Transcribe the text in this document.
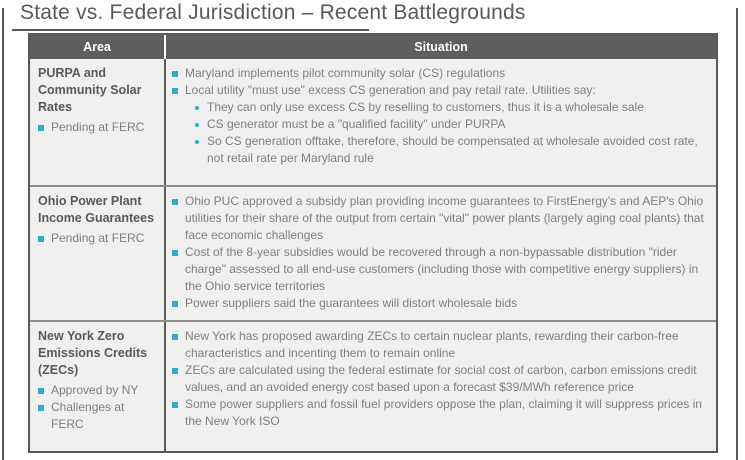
State vs. Federal Jurisdiction – Recent Battlegrounds
Area	Situation
PURPA and Community Solar Rates
Pending at FERC
Maryland implements pilot community solar (CS) regulations
Local utility "must use" excess CS generation and pay retail rate. Utilities say:
They can only use excess CS by reselling to customers, thus it is a wholesale sale
CS generator must be a "qualified facility" under PURPA
So CS generation offtake, therefore, should be compensated at wholesale avoided cost rate, not retail rate per Maryland rule
Ohio Power Plant Income Guarantees
Pending at FERC
Ohio PUC approved a subsidy plan providing income guarantees to FirstEnergy's and AEP's Ohio utilities for their share of the output from certain "vital" power plants (largely aging coal plants) that face economic challenges
Cost of the 8-year subsidies would be recovered through a non-bypassable distribution "rider charge" assessed to all end-use customers (including those with competitive energy suppliers) in the Ohio service territories
Power suppliers said the guarantees will distort wholesale bids
New York Zero Emissions Credits (ZECs)
Approved by NY
Challenges at FERC
New York has proposed awarding ZECs to certain nuclear plants, rewarding their carbon-free characteristics and incenting them to remain online
ZECs are calculated using the federal estimate for social cost of carbon, carbon emissions credit values, and an avoided energy cost based upon a forecast $39/MWh reference price
Some power suppliers and fossil fuel providers oppose the plan, claiming it will suppress prices in the New York ISO
